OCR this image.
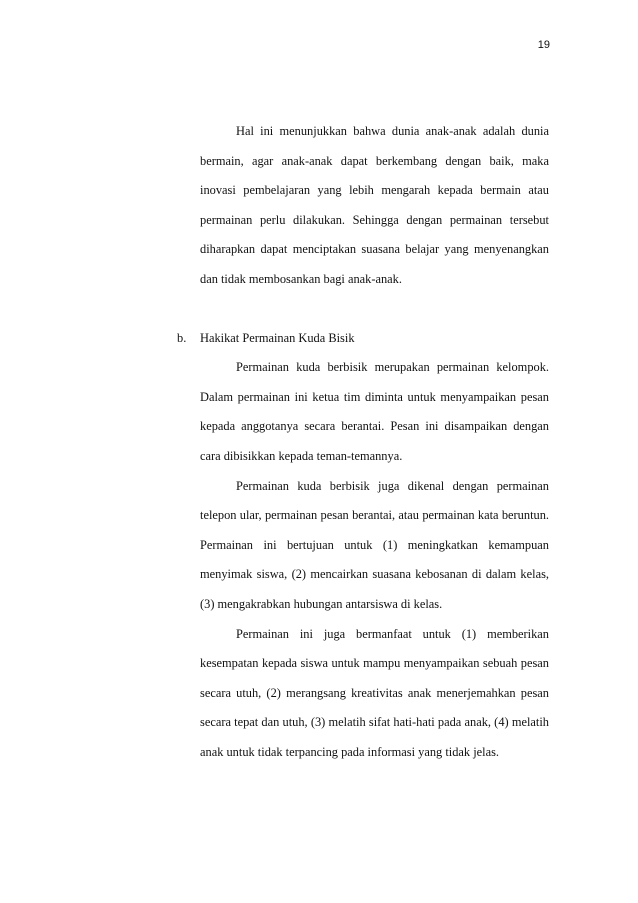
19

Hal ini menunjukkan bahwa dunia anak-anak adalah dunia bermain, agar anak-anak dapat berkembang dengan baik, maka inovasi pembelajaran yang lebih mengarah kepada bermain atau permainan perlu dilakukan. Sehingga dengan permainan tersebut diharapkan dapat menciptakan suasana belajar yang menyenangkan dan tidak membosankan bagi anak-anak.

b. Hakikat Permainan Kuda Bisik

Permainan kuda berbisik merupakan permainan kelompok. Dalam permainan ini ketua tim diminta untuk menyampaikan pesan kepada anggotanya secara berantai. Pesan ini disampaikan dengan cara dibisikkan kepada teman-temannya.

Permainan kuda berbisik juga dikenal dengan permainan telepon ular, permainan pesan berantai, atau permainan kata beruntun. Permainan ini bertujuan untuk (1) meningkatkan kemampuan menyimak siswa, (2) mencairkan suasana kebosanan di dalam kelas, (3) mengakrabkan hubungan antarsiswa di kelas.

Permainan ini juga bermanfaat untuk (1) memberikan kesempatan kepada siswa untuk mampu menyampaikan sebuah pesan secara utuh, (2) merangsang kreativitas anak menerjemahkan pesan secara tepat dan utuh, (3) melatih sifat hati-hati pada anak, (4) melatih anak untuk tidak terpancing pada informasi yang tidak jelas.
